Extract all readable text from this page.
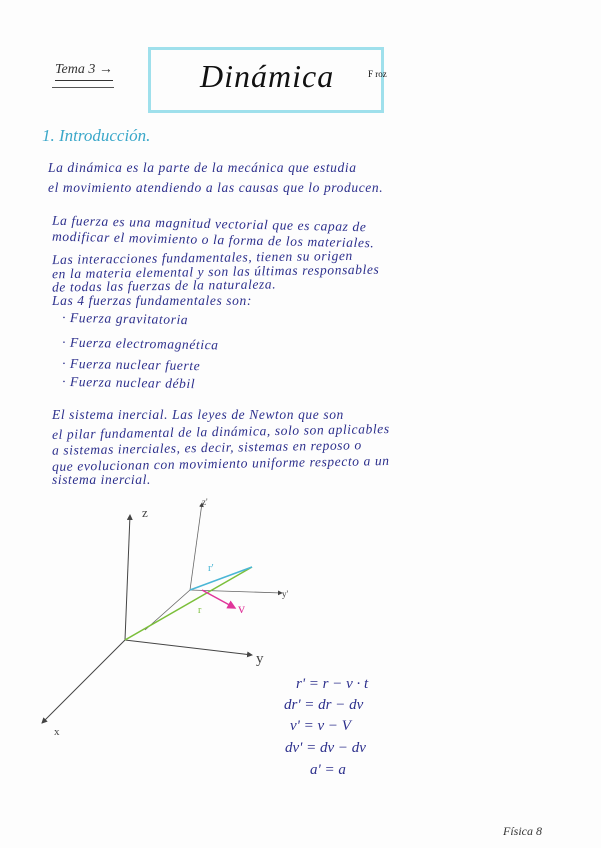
Tema 3 →	Dinámica	F roz
1. Introducción.
La dinámica es la parte de la mecánica que estudia
el movimiento atendiendo a las causas que lo producen.
La fuerza es una magnitud vectorial que es capaz de
modificar el movimiento o la forma de los materiales.
Las interacciones fundamentales, tienen su origen
en la materia elemental y son las últimas responsables
de todas las fuerzas de la naturaleza.
Las 4 fuerzas fundamentales son:
· Fuerza gravitatoria
· Fuerza electromagnética
· Fuerza nuclear fuerte
· Fuerza nuclear débil
El sistema inercial. Las leyes de Newton que son
el pilar fundamental de la dinámica, solo son aplicables
a sistemas inerciales, es decir, sistemas en reposo o
que evolucionan con movimiento uniforme respecto a un
sistema inercial.
z
y
x
z'
y'
r'
r	v
r' = r − v · t
dr' = dr − dv
v' = v − V
dv' = dv − dv
a' = a
Física 8
